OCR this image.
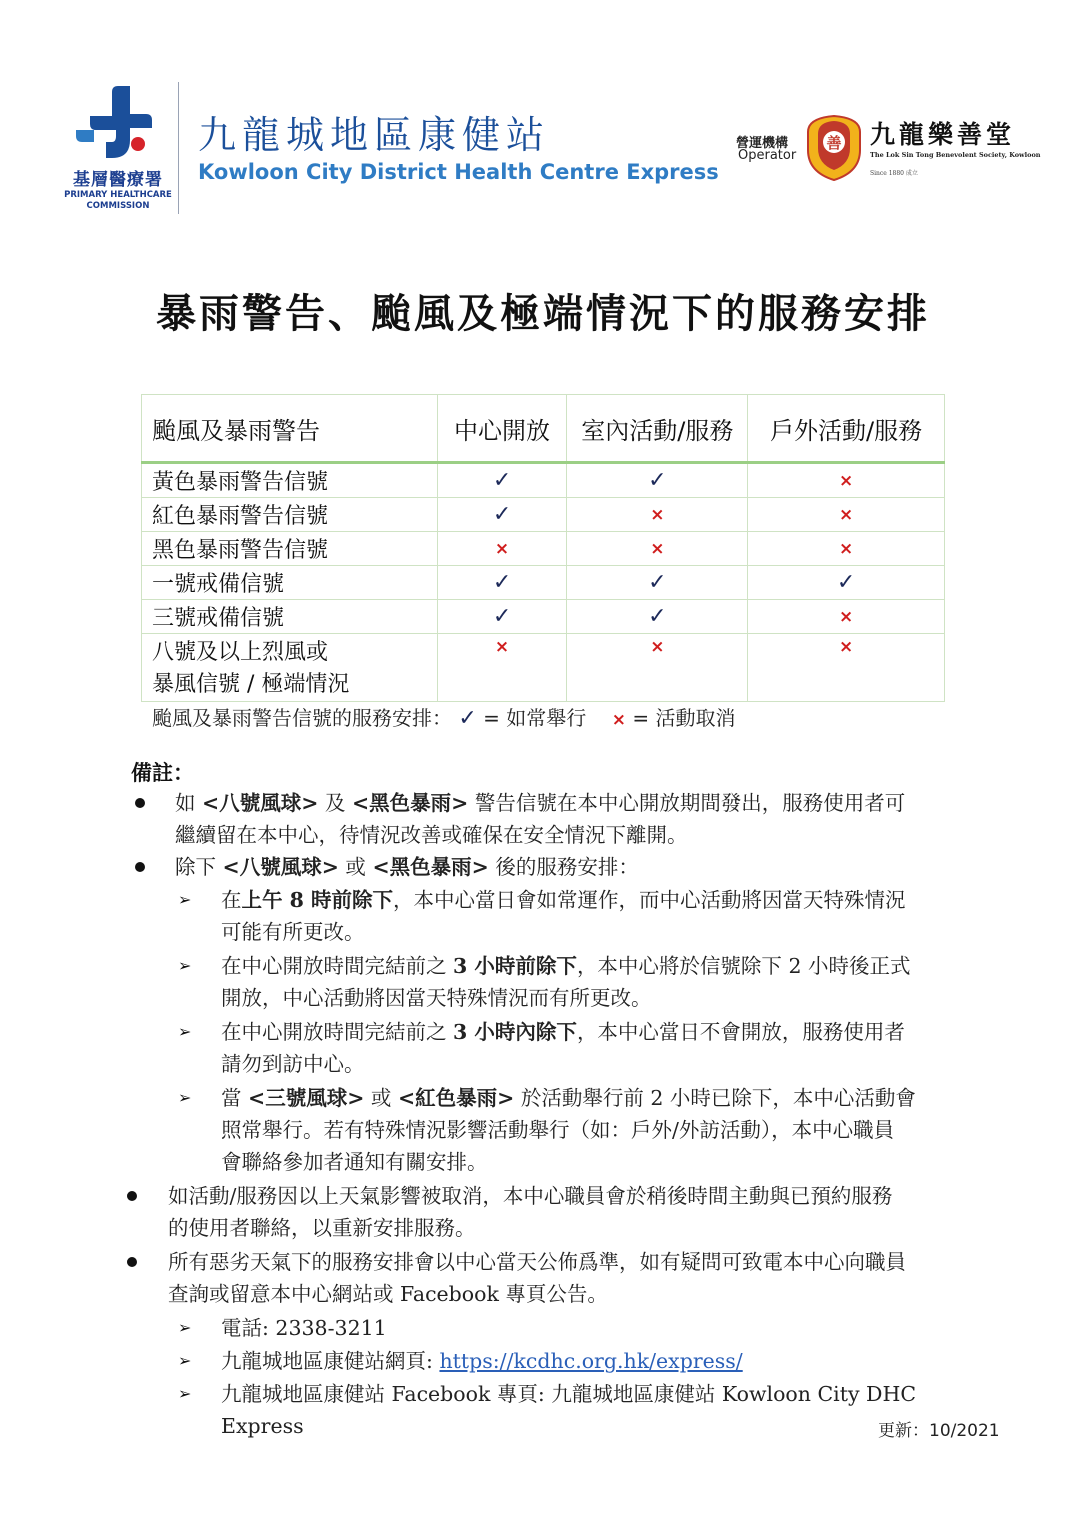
基層醫療署
PRIMARY HEALTHCARE
COMMISSION
九龍城地區康健站
Kowloon City District Health Centre Express
營運機構
Operator
善 九龍樂善堂
The Lok Sin Tong Benevolent Society, Kowloon
Since 1880 成立
暴雨警告、颱風及極端情況下的服務安排
颱風及暴雨警告	中心開放	室內活動/服務	戶外活動/服務
黃色暴雨警告信號	✓	✓	×
紅色暴雨警告信號	✓	×	×
黑色暴雨警告信號	×	×	×
一號戒備信號	✓	✓	✓
三號戒備信號	✓	✓	×

八號及以上烈風或
暴風信號 / 極端情況	×	×	×
颱風及暴雨警告信號的服務安排： ✓ = 如常舉行 × = 活動取消
備註：
如 <八號風球> 及 <黑色暴雨> 警告信號在本中心開放期間發出，服務使用者可
繼續留在本中心，待情況改善或確保在安全情況下離開。
除下 <八號風球> 或 <黑色暴雨> 後的服務安排：
➢ 在上午 8 時前除下，本中心當日會如常運作，而中心活動將因當天特殊情況
可能有所更改。
➢ 在中心開放時間完結前之 3 小時前除下，本中心將於信號除下 2 小時後正式
開放，中心活動將因當天特殊情況而有所更改。
➢ 在中心開放時間完結前之 3 小時內除下，本中心當日不會開放，服務使用者
請勿到訪中心。
➢ 當 <三號風球> 或 <紅色暴雨> 於活動舉行前 2 小時已除下，本中心活動會
照常舉行。若有特殊情況影響活動舉行（如：戶外/外訪活動），本中心職員
會聯絡參加者通知有關安排。
如活動/服務因以上天氣影響被取消，本中心職員會於稍後時間主動與已預約服務
的使用者聯絡，以重新安排服務。
所有惡劣天氣下的服務安排會以中心當天公佈爲準，如有疑問可致電本中心向職員
查詢或留意本中心網站或 Facebook 專頁公告。
➢ 電話: 2338-3211
➢ 九龍城地區康健站網頁: https://kcdhc.org.hk/express/
➢ 九龍城地區康健站 Facebook 專頁: 九龍城地區康健站 Kowloon City DHC Express	更新：10/2021
